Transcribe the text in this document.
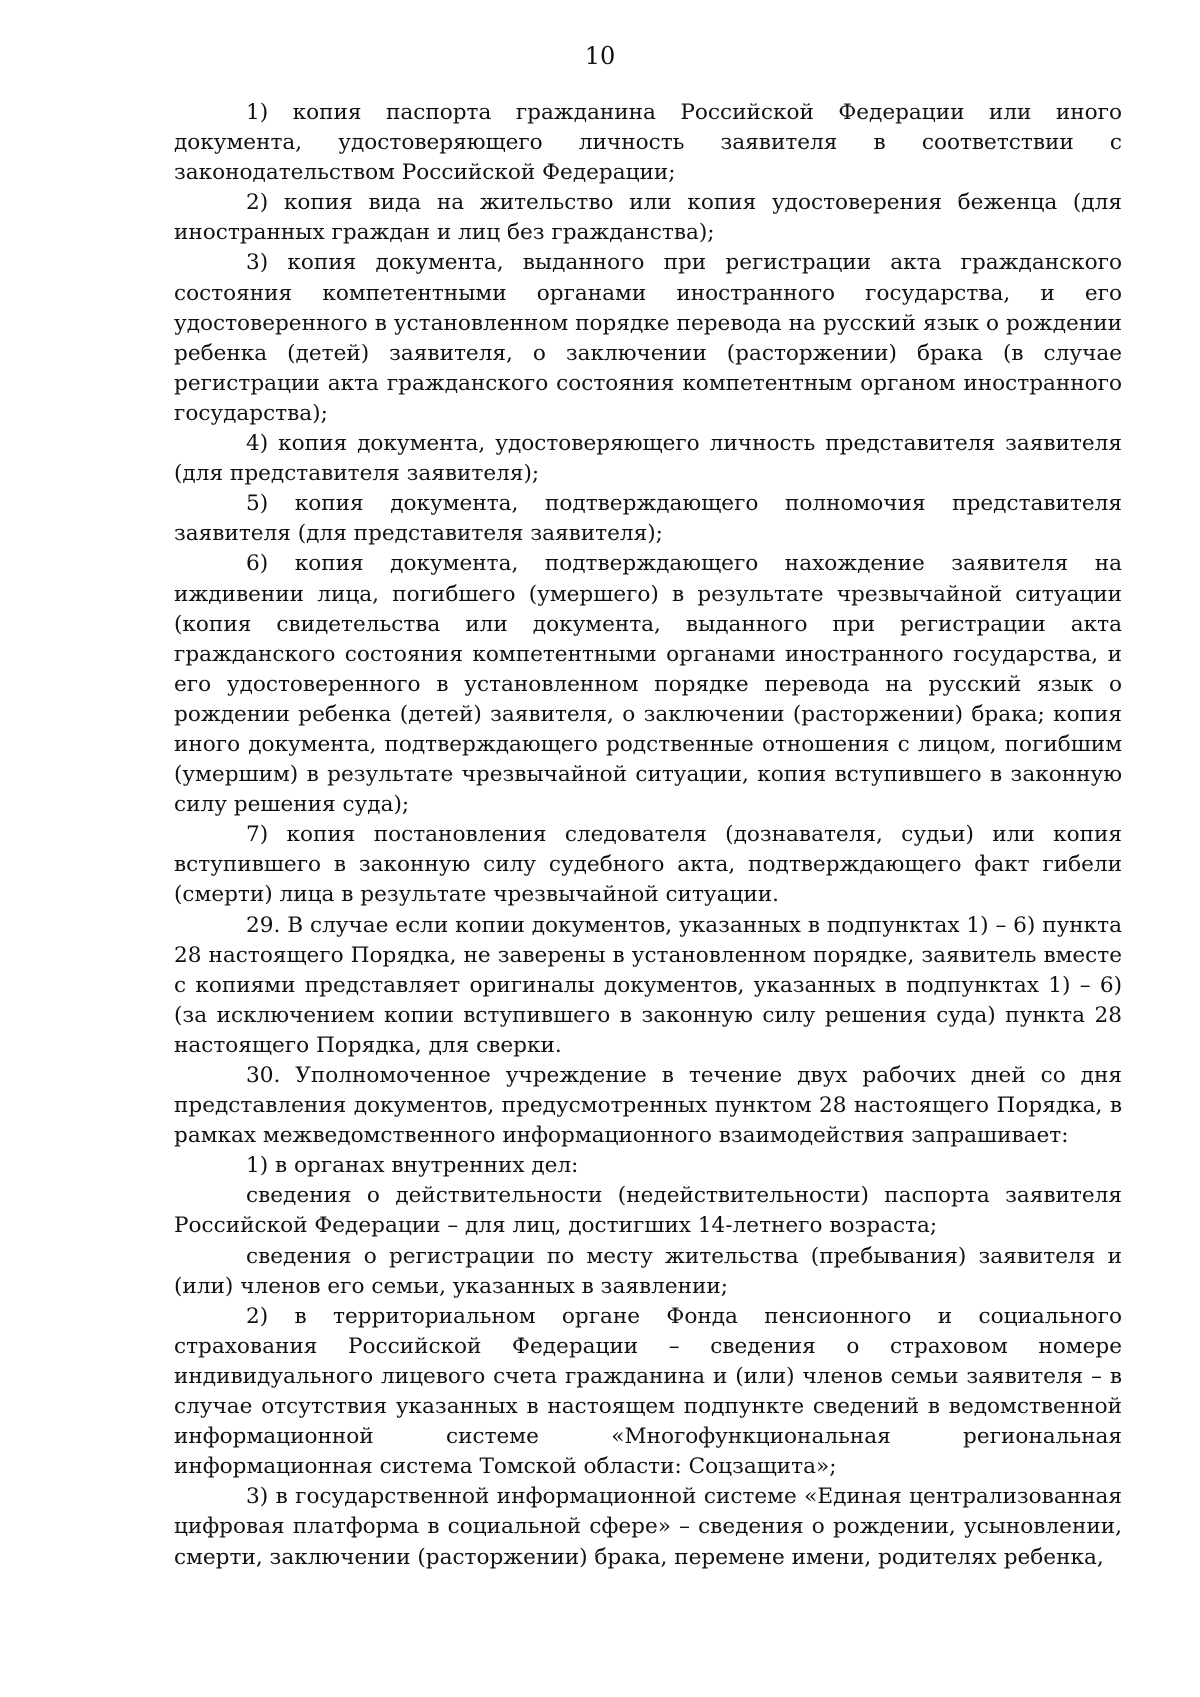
10

1) копия паспорта гражданина Российской Федерации или иного документа, удостоверяющего личность заявителя в соответствии с законодательством Российской Федерации;

2) копия вида на жительство или копия удостоверения беженца (для иностранных граждан и лиц без гражданства);

3) копия документа, выданного при регистрации акта гражданского состояния компетентными органами иностранного государства, и его удостоверенного в установленном порядке перевода на русский язык о рождении ребенка (детей) заявителя, о заключении (расторжении) брака (в случае регистрации акта гражданского состояния компетентным органом иностранного государства);

4) копия документа, удостоверяющего личность представителя заявителя (для представителя заявителя);

5) копия документа, подтверждающего полномочия представителя заявителя (для представителя заявителя);

6) копия документа, подтверждающего нахождение заявителя на иждивении лица, погибшего (умершего) в результате чрезвычайной ситуации (копия свидетельства или документа, выданного при регистрации акта гражданского состояния компетентными органами иностранного государства, и его удостоверенного в установленном порядке перевода на русский язык о рождении ребенка (детей) заявителя, о заключении (расторжении) брака; копия иного документа, подтверждающего родственные отношения с лицом, погибшим (умершим) в результате чрезвычайной ситуации, копия вступившего в законную силу решения суда);

7) копия постановления следователя (дознавателя, судьи) или копия вступившего в законную силу судебного акта, подтверждающего факт гибели (смерти) лица в результате чрезвычайной ситуации.

29. В случае если копии документов, указанных в подпунктах 1) – 6) пункта 28 настоящего Порядка, не заверены в установленном порядке, заявитель вместе с копиями представляет оригиналы документов, указанных в подпунктах 1) – 6) (за исключением копии вступившего в законную силу решения суда) пункта 28 настоящего Порядка, для сверки.

30. Уполномоченное учреждение в течение двух рабочих дней со дня представления документов, предусмотренных пунктом 28 настоящего Порядка, в рамках межведомственного информационного взаимодействия запрашивает:

1) в органах внутренних дел:

сведения о действительности (недействительности) паспорта заявителя Российской Федерации – для лиц, достигших 14-летнего возраста;

сведения о регистрации по месту жительства (пребывания) заявителя и (или) членов его семьи, указанных в заявлении;

2) в территориальном органе Фонда пенсионного и социального страхования Российской Федерации – сведения о страховом номере индивидуального лицевого счета гражданина и (или) членов семьи заявителя – в случае отсутствия указанных в настоящем подпункте сведений в ведомственной информационной системе «Многофункциональная региональная информационная система Томской области: Соцзащита»;

3) в государственной информационной системе «Единая централизованная цифровая платформа в социальной сфере» – сведения о рождении, усыновлении, смерти, заключении (расторжении) брака, перемене имени, родителях ребенка,
